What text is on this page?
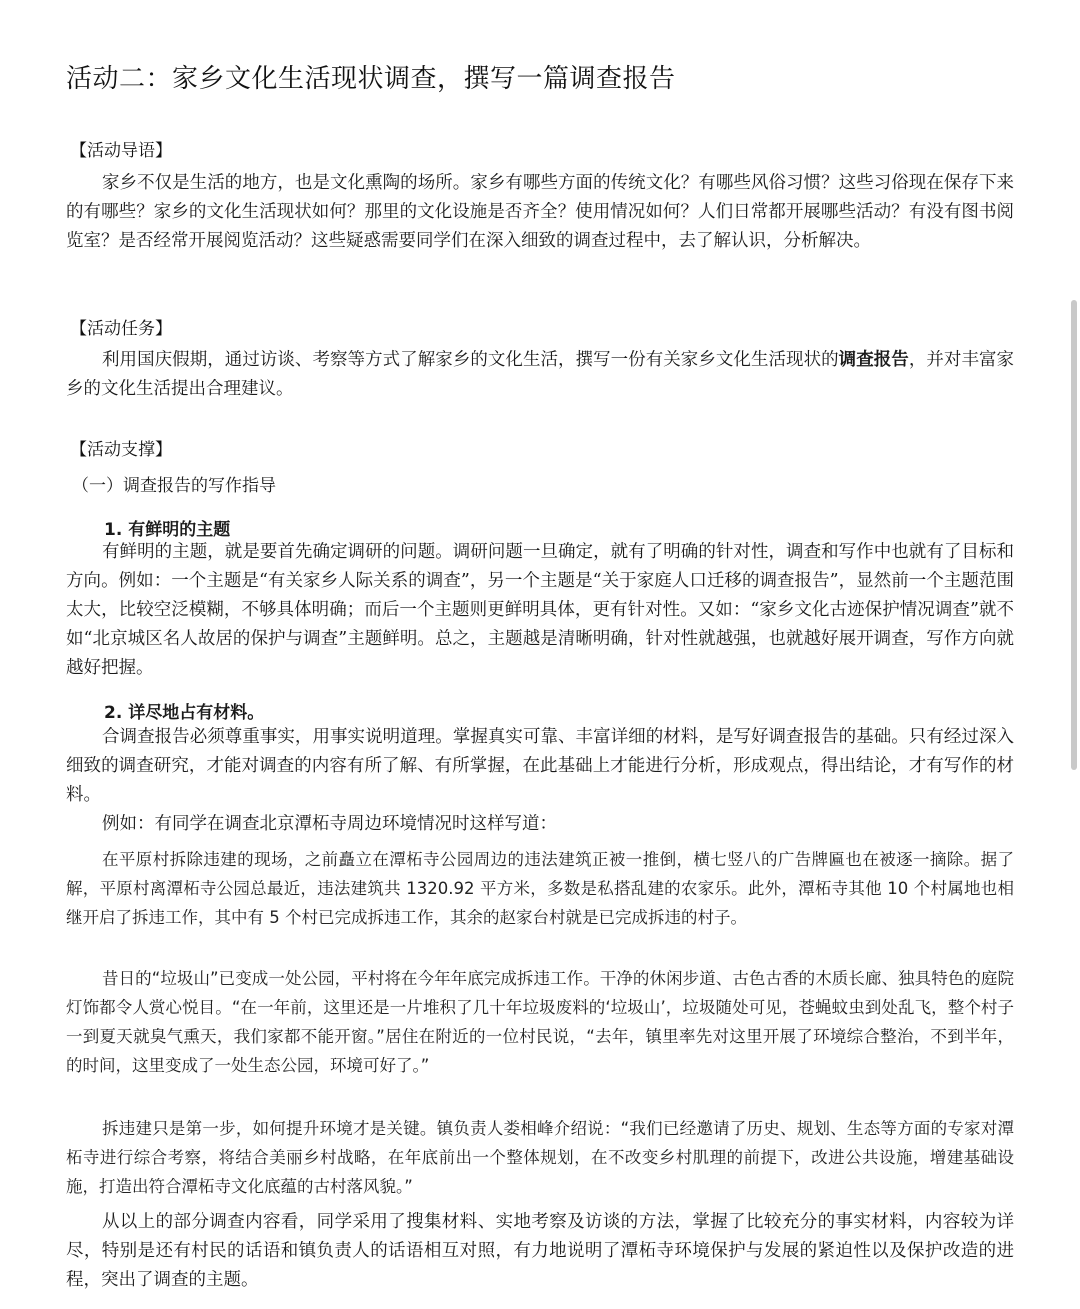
活动二：家乡文化生活现状调查，撰写一篇调查报告
【活动导语】

家乡不仅是生活的地方，也是文化熏陶的场所。家乡有哪些方面的传统文化？有哪些风俗习惯？这些习俗现在保存下来的有哪些？家乡的文化生活现状如何？那里的文化设施是否齐全？使用情况如何？人们日常都开展哪些活动？有没有图书阅览室？是否经常开展阅览活动？这些疑惑需要同学们在深入细致的调查过程中，去了解认识，分析解决。

【活动任务】

利用国庆假期，通过访谈、考察等方式了解家乡的文化生活，撰写一份有关家乡文化生活现状的调查报告，并对丰富家乡的文化生活提出合理建议。

【活动支撑】
（一）调查报告的写作指导
1. 有鲜明的主题

有鲜明的主题，就是要首先确定调研的问题。调研问题一旦确定，就有了明确的针对性，调查和写作中也就有了目标和方向。例如：一个主题是“有关家乡人际关系的调查”，另一个主题是“关于家庭人口迁移的调查报告”，显然前一个主题范围太大，比较空泛模糊，不够具体明确；而后一个主题则更鲜明具体，更有针对性。又如：“家乡文化古迹保护情况调查”就不如“北京城区名人故居的保护与调查”主题鲜明。总之，主题越是清晰明确，针对性就越强，也就越好展开调查，写作方向就越好把握。

2. 详尽地占有材料。

合调查报告必须尊重事实，用事实说明道理。掌握真实可靠、丰富详细的材料，是写好调查报告的基础。只有经过深入细致的调查研究，才能对调查的内容有所了解、有所掌握，在此基础上才能进行分析，形成观点，得出结论，才有写作的材料。

例如：有同学在调查北京潭柘寺周边环境情况时这样写道：

在平原村拆除违建的现场，之前矗立在潭柘寺公园周边的违法建筑正被一推倒，横七竖八的广告牌匾也在被逐一摘除。据了解，平原村离潭柘寺公园总最近，违法建筑共 1320.92 平方米，多数是私搭乱建的农家乐。此外，潭柘寺其他 10 个村属地也相继开启了拆违工作，其中有 5 个村已完成拆违工作，其余的赵家台村就是已完成拆违的村子。

昔日的“垃圾山”已变成一处公园，平村将在今年年底完成拆违工作。干净的休闲步道、古色古香的木质长廊、独具特色的庭院灯饰都令人赏心悦目。“在一年前，这里还是一片堆积了几十年垃圾废料的‘垃圾山’，垃圾随处可见，苍蝇蚊虫到处乱飞，整个村子一到夏天就臭气熏天，我们家都不能开窗。”居住在附近的一位村民说，“去年，镇里率先对这里开展了环境综合整治，不到半年，的时间，这里变成了一处生态公园，环境可好了。”

拆违建只是第一步，如何提升环境才是关键。镇负责人娄相峰介绍说：“我们已经邀请了历史、规划、生态等方面的专家对潭柘寺进行综合考察，将结合美丽乡村战略，在年底前出一个整体规划，在不改变乡村肌理的前提下，改进公共设施，增建基础设施，打造出符合潭柘寺文化底蕴的古村落风貌。”

从以上的部分调查内容看，同学采用了搜集材料、实地考察及访谈的方法，掌握了比较充分的事实材料，内容较为详尽，特别是还有村民的话语和镇负责人的话语相互对照，有力地说明了潭柘寺环境保护与发展的紧迫性以及保护改造的进程，突出了调查的主题。
